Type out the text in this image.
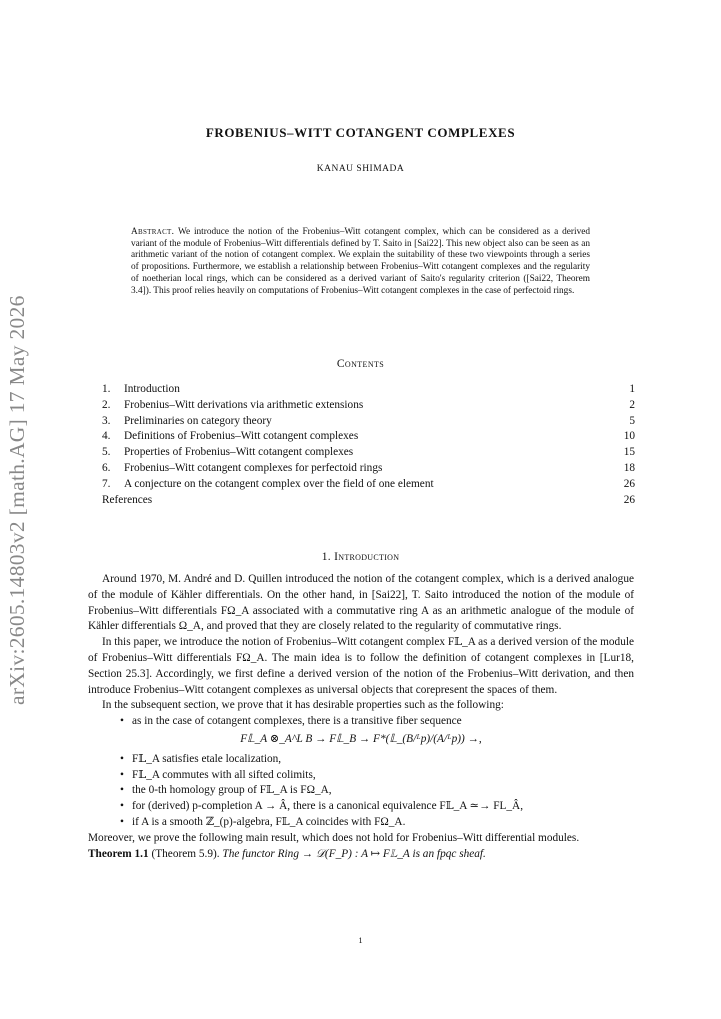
arXiv:2605.14803v2 [math.AG] 17 May 2026
FROBENIUS–WITT COTANGENT COMPLEXES
KANAU SHIMADA
Abstract. We introduce the notion of the Frobenius–Witt cotangent complex, which can be considered as a derived variant of the module of Frobenius–Witt differentials defined by T. Saito in [Sai22]. This new object also can be seen as an arithmetic variant of the notion of cotangent complex. We explain the suitability of these two viewpoints through a series of propositions. Furthermore, we establish a relationship between Frobenius–Witt cotangent complexes and the regularity of noetherian local rings, which can be considered as a derived variant of Saito's regularity criterion ([Sai22, Theorem 3.4]). This proof relies heavily on computations of Frobenius–Witt cotangent complexes in the case of perfectoid rings.
Contents
1.	Introduction	1
2.	Frobenius–Witt derivations via arithmetic extensions	2
3.	Preliminaries on category theory	5
4.	Definitions of Frobenius–Witt cotangent complexes	10
5.	Properties of Frobenius–Witt cotangent complexes	15
6.	Frobenius–Witt cotangent complexes for perfectoid rings	18
7.	A conjecture on the cotangent complex over the field of one element	26
References	26
1. Introduction

Around 1970, M. André and D. Quillen introduced the notion of the cotangent complex, which is a derived analogue of the module of Kähler differentials. On the other hand, in [Sai22], T. Saito introduced the notion of the module of Frobenius–Witt differentials FΩ_A associated with a commutative ring A as an arithmetic analogue of the module of Kähler differentials Ω_A, and proved that they are closely related to the regularity of commutative rings.

In this paper, we introduce the notion of Frobenius–Witt cotangent complex F𝕃_A as a derived version of the module of Frobenius–Witt differentials FΩ_A. The main idea is to follow the definition of cotangent complexes in [Lur18, Section 25.3]. Accordingly, we first define a derived version of the notion of the Frobenius–Witt derivation, and then introduce Frobenius–Witt cotangent complexes as universal objects that corepresent the spaces of them.

In the subsequent section, we prove that it has desirable properties such as the following:

• as in the case of cotangent complexes, there is a transitive fiber sequence
F𝕃_A ⊗_A^L B → F𝕃_B → F*(𝕃_(B/ᴸp)/(A/ᴸp)) →,
• F𝕃_A satisfies etale localization,
• F𝕃_A commutes with all sifted colimits,
• the 0-th homology group of F𝕃_A is FΩ_A,
• for (derived) p-completion A → Â, there is a canonical equivalence F𝕃_A ≃→ FL_Â,
• if A is a smooth ℤ_(p)-algebra, F𝕃_A coincides with FΩ_A.

Moreover, we prove the following main result, which does not hold for Frobenius–Witt differential modules.

Theorem 1.1 (Theorem 5.9). The functor Ring → 𝒟(F_P) : A ↦ F𝕃_A is an fpqc sheaf.

1
